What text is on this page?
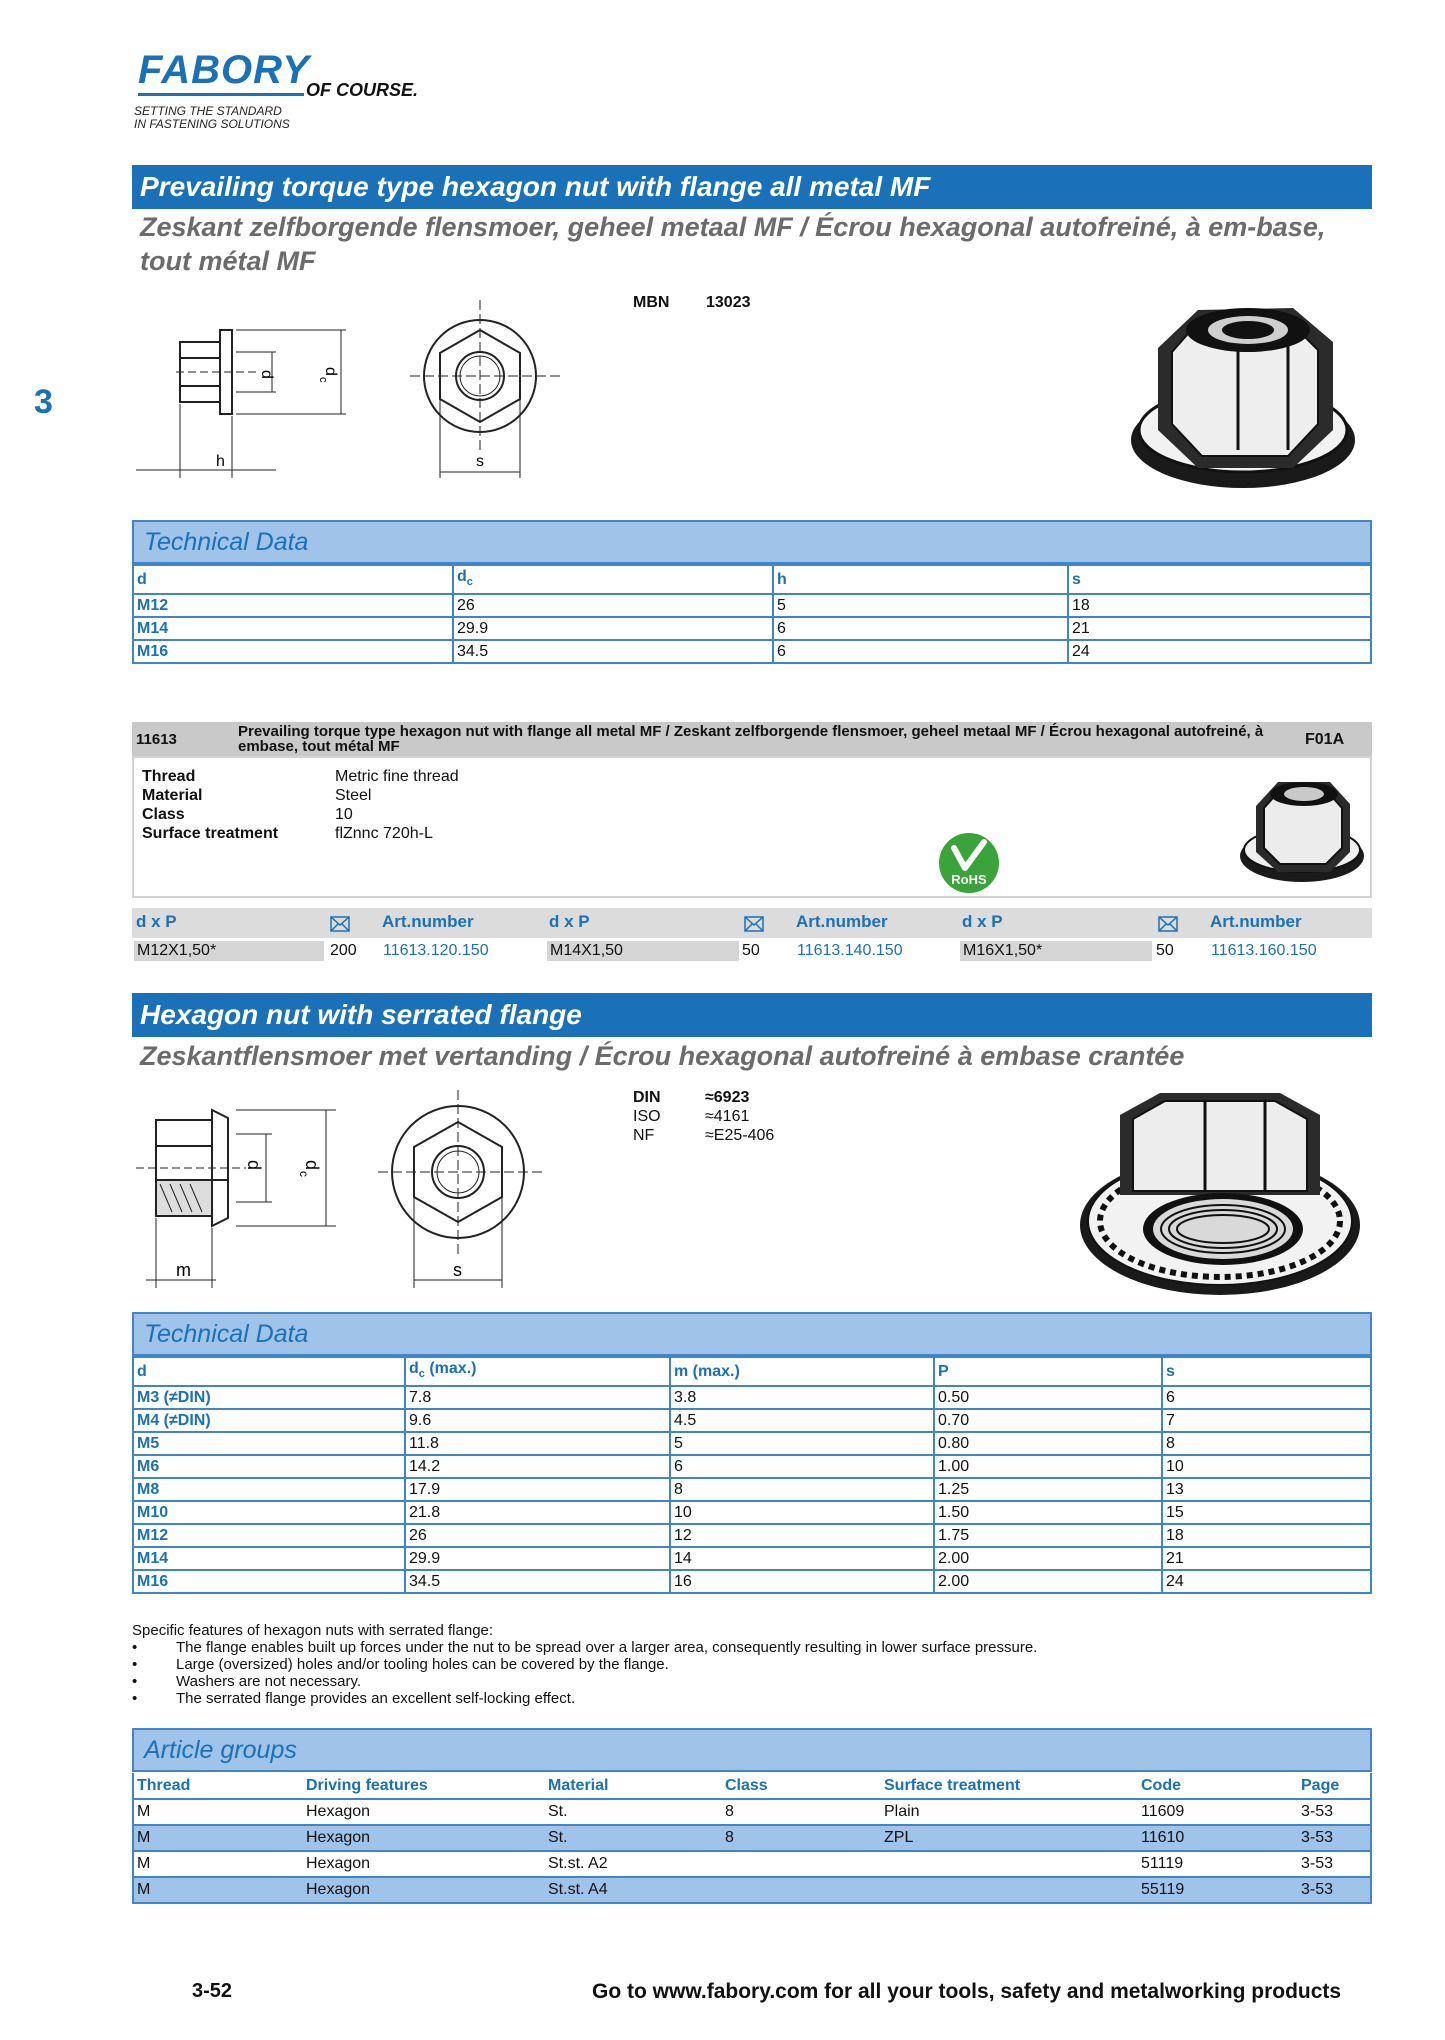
FABORY
OF COURSE.
SETTING THE STANDARD
IN FASTENING SOLUTIONS
3
Prevailing torque type hexagon nut with flange all metal MF
Zeskant zelfborgende flensmoer, geheel metaal MF / Écrou hexagonal autofreiné, à em-base, tout métal MF
d	d
c
h	s
MBN 13023
Technical Data
d	$d_c$	h	s
M12	26	5	18
M14	29.9	6	21
M16	34.5	6	24
11613	Prevailing torque type hexagon nut with flange all metal MF / Zeskant zelfborgende flensmoer, geheel metaal MF / Écrou hexagonal autofreiné, à embase, tout métal MF	F01A
Thread	Metric fine thread
Material	Steel
Class	10
Surface treatment	flZnnc 720h-L
RoHS
d x P	Art.number	d x P	Art.number	d x P	Art.number
M12X1,50*	200 11613.120.150	M14X1,50	50 11613.140.150	M16X1,50*	50 11613.160.150
Hexagon nut with serrated flange
Zeskantflensmoer met vertanding / Écrou hexagonal autofreiné à embase crantée
d d
c
m	s
DIN	≈6923
ISO	≈4161
NF	≈E25-406
Technical Data
d	$d_c$ (max.)	m (max.)	P	s
M3 (≠DIN)	7.8	3.8	0.50	6
M4 (≠DIN)	9.6	4.5	0.70	7
M5	11.8	5	0.80	8
M6	14.2	6	1.00	10
M8	17.9	8	1.25	13
M10	21.8	10	1.50	15
M12	26	12	1.75	18
M14	29.9	14	2.00	21
M16	34.5	16	2.00	24
Specific features of hexagon nuts with serrated flange:
•	The flange enables built up forces under the nut to be spread over a larger area, consequently resulting in lower surface pressure.
•	Large (oversized) holes and/or tooling holes can be covered by the flange.
•	Washers are not necessary.
•	The serrated flange provides an excellent self-locking effect.
Article groups
Thread	Driving features	Material	Class	Surface treatment	Code	Page
M	Hexagon	St.	8	Plain	11609	3-53
M	Hexagon	St.	8	ZPL	11610	3-53
M	Hexagon	St.st. A2			51119	3-53
M	Hexagon	St.st. A4			55119	3-53
3-52	Go to www.fabory.com for all your tools, safety and metalworking products
